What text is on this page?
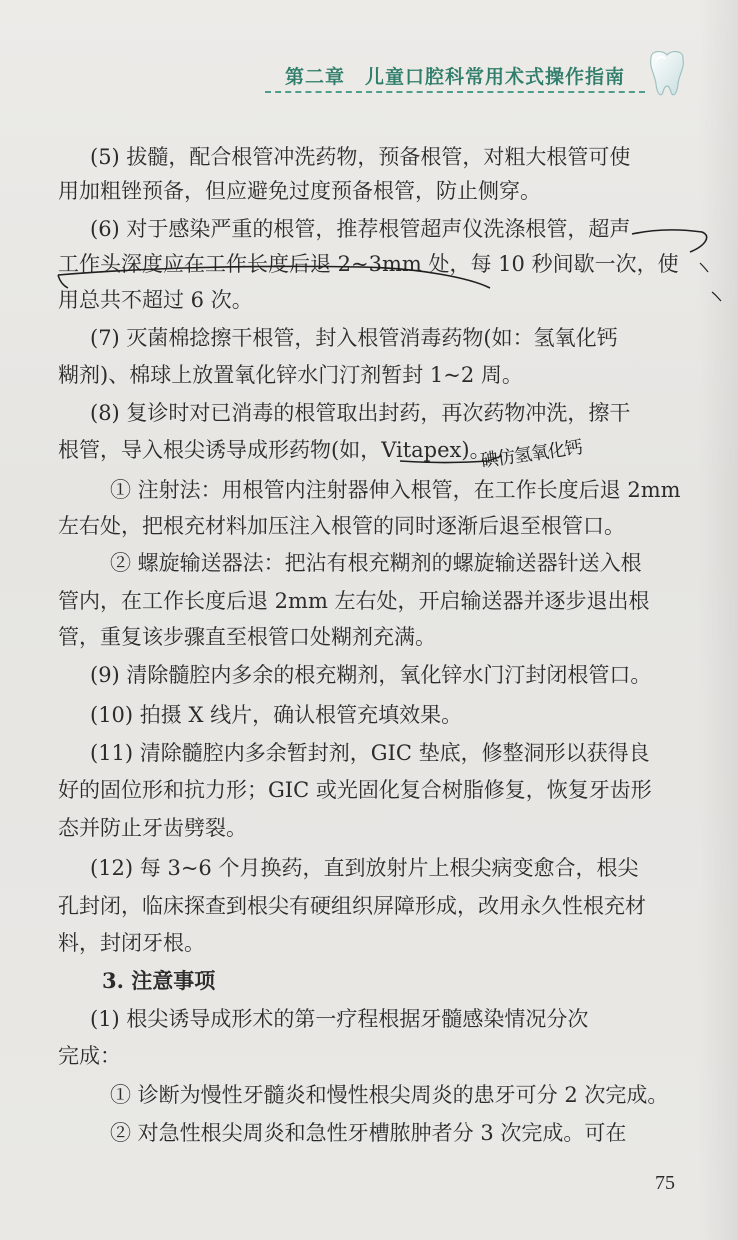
第二章　儿童口腔科常用术式操作指南

(5) 拔髓，配合根管冲洗药物，预备根管，对粗大根管可使

用加粗锉预备，但应避免过度预备根管，防止侧穿。

(6) 对于感染严重的根管，推荐根管超声仪洗涤根管，超声

工作头深度应在工作长度后退 2~3mm 处，每 10 秒间歇一次，使

用总共不超过 6 次。

(7) 灭菌棉捻擦干根管，封入根管消毒药物(如：氢氧化钙

糊剂)、棉球上放置氧化锌水门汀剂暂封 1~2 周。

(8) 复诊时对已消毒的根管取出封药，再次药物冲洗，擦干

根管，导入根尖诱导成形药物(如，Vitapex)。

① 注射法：用根管内注射器伸入根管，在工作长度后退 2mm

左右处，把根充材料加压注入根管的同时逐渐后退至根管口。

② 螺旋输送器法：把沾有根充糊剂的螺旋输送器针送入根

管内，在工作长度后退 2mm 左右处，开启输送器并逐步退出根

管，重复该步骤直至根管口处糊剂充满。

(9) 清除髓腔内多余的根充糊剂，氧化锌水门汀封闭根管口。

(10) 拍摄 X 线片，确认根管充填效果。

(11) 清除髓腔内多余暂封剂，GIC 垫底，修整洞形以获得良

好的固位形和抗力形；GIC 或光固化复合树脂修复，恢复牙齿形

态并防止牙齿劈裂。

(12) 每 3~6 个月换药，直到放射片上根尖病变愈合，根尖

孔封闭，临床探查到根尖有硬组织屏障形成，改用永久性根充材

料，封闭牙根。

3. 注意事项

(1) 根尖诱导成形术的第一疗程根据牙髓感染情况分次

完成：

① 诊断为慢性牙髓炎和慢性根尖周炎的患牙可分 2 次完成。

② 对急性根尖周炎和急性牙槽脓肿者分 3 次完成。可在

碘仿氢氧化钙
75
